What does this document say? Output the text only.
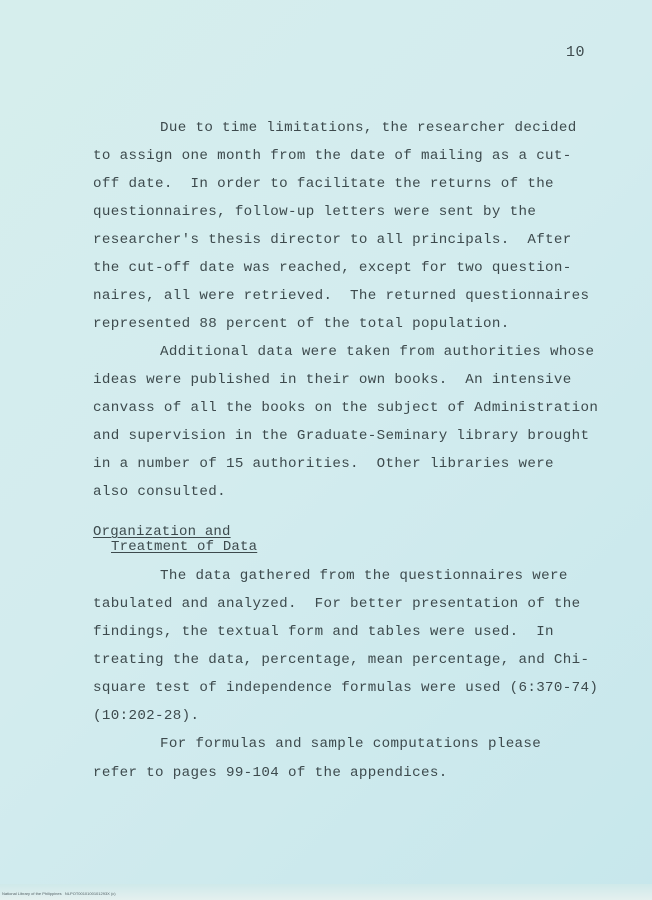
10
Due to time limitations, the researcher decided
to assign one month from the date of mailing as a cut-
off date.  In order to facilitate the returns of the
questionnaires, follow-up letters were sent by the
researcher's thesis director to all principals.  After
the cut-off date was reached, except for two question-
naires, all were retrieved.  The returned questionnaires
represented 88 percent of the total population.
Additional data were taken from authorities whose
ideas were published in their own books.  An intensive
canvass of all the books on the subject of Administration
and supervision in the Graduate-Seminary library brought
in a number of 15 authorities.  Other libraries were
also consulted.
Organization and
Treatment of Data
The data gathered from the questionnaires were
tabulated and analyzed.  For better presentation of the
findings, the textual form and tables were used.  In
treating the data, percentage, mean percentage, and Chi-
square test of independence formulas were used (6:370-74)
(10:202-28).
For formulas and sample computations please
refer to pages 99-104 of the appendices.
National Library of the Philippines   NLPOT0010100101293X (c)
